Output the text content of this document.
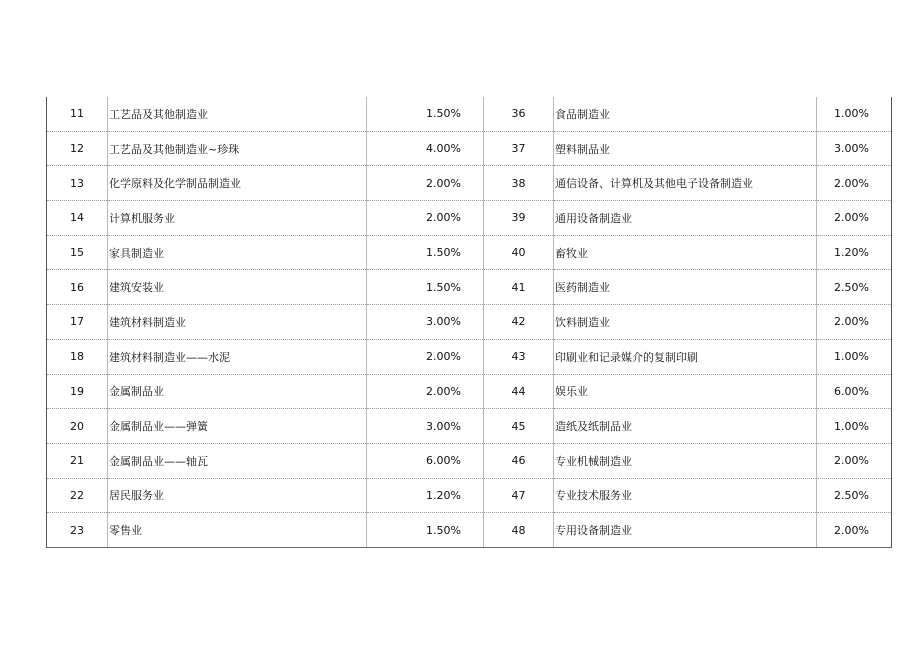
11	工艺品及其他制造业	1.50%	36	食品制造业	1.00%
12	工艺品及其他制造业~珍珠	4.00%	37	塑料制品业	3.00%
13	化学原料及化学制品制造业	2.00%	38	通信设备、计算机及其他电子设备制造业	2.00%
14	计算机服务业	2.00%	39	通用设备制造业	2.00%
15	家具制造业	1.50%	40	畜牧业	1.20%
16	建筑安装业	1.50%	41	医药制造业	2.50%
17	建筑材料制造业	3.00%	42	饮料制造业	2.00%
18	建筑材料制造业——水泥	2.00%	43	印刷业和记录媒介的复制印刷	1.00%
19	金属制品业	2.00%	44	娱乐业	6.00%
20	金属制品业——弹簧	3.00%	45	造纸及纸制品业	1.00%
21	金属制品业——轴瓦	6.00%	46	专业机械制造业	2.00%
22	居民服务业	1.20%	47	专业技术服务业	2.50%
23	零售业	1.50%	48	专用设备制造业	2.00%
